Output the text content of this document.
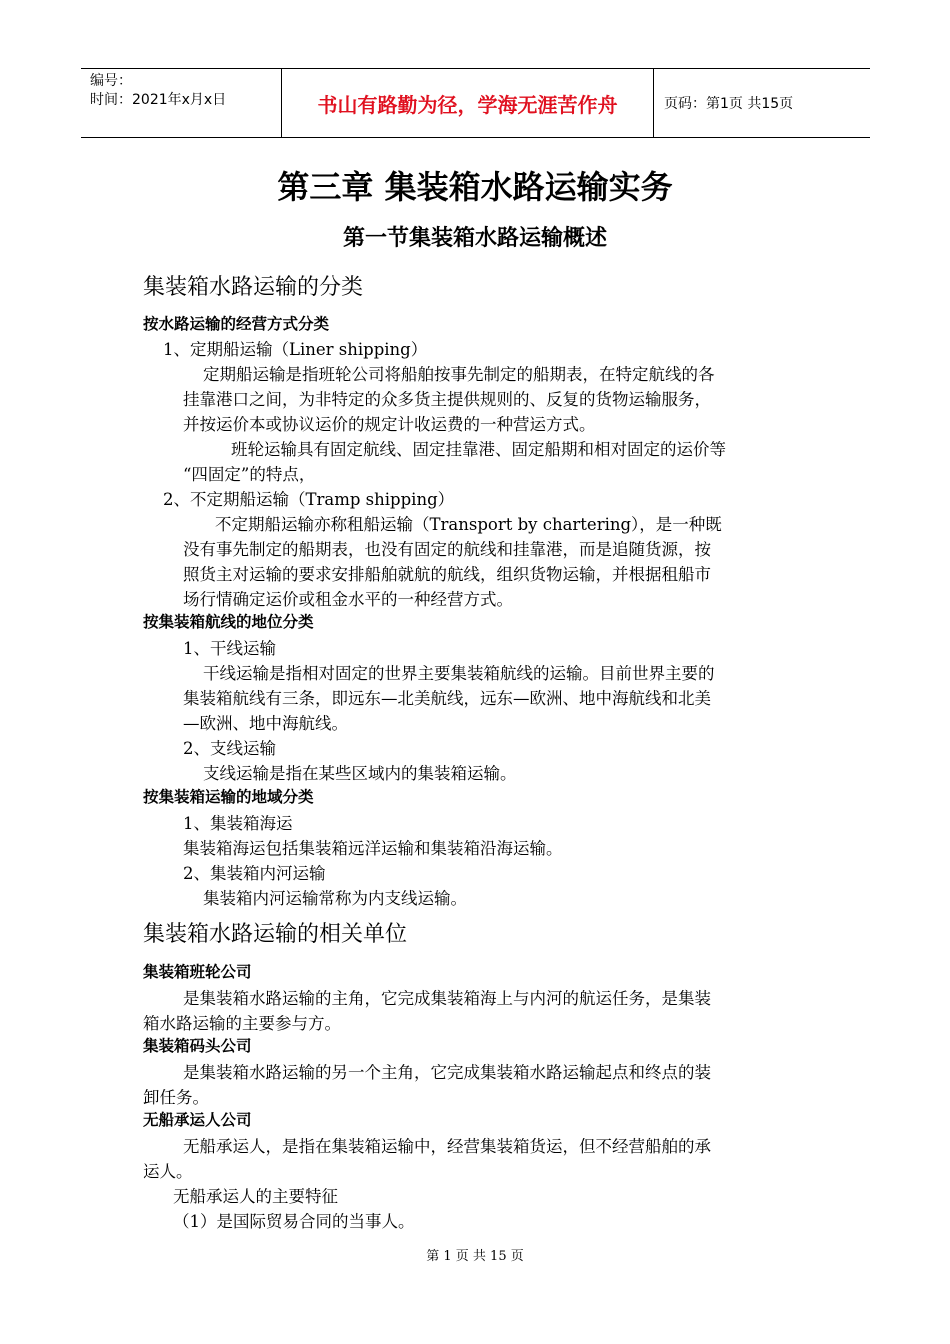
编号：
时间：2021年x月x日	书山有路勤为径，学海无涯苦作舟	页码：第1页 共15页
第三章 集装箱水路运输实务
第一节集装箱水路运输概述
集装箱水路运输的分类
按水路运输的经营方式分类
1、定期船运输（Liner shipping）
定期船运输是指班轮公司将船舶按事先制定的船期表，在特定航线的各
挂靠港口之间，为非特定的众多货主提供规则的、反复的货物运输服务，
并按运价本或协议运价的规定计收运费的一种营运方式。
班轮运输具有固定航线、固定挂靠港、固定船期和相对固定的运价等
“四固定”的特点，
2、不定期船运输（Tramp shipping）
不定期船运输亦称租船运输（Transport by chartering），是一种既
没有事先制定的船期表，也没有固定的航线和挂靠港，而是追随货源，按
照货主对运输的要求安排船舶就航的航线，组织货物运输，并根据租船市
场行情确定运价或租金水平的一种经营方式。
按集装箱航线的地位分类
1、干线运输
干线运输是指相对固定的世界主要集装箱航线的运输。目前世界主要的
集装箱航线有三条，即远东—北美航线，远东—欧洲、地中海航线和北美
—欧洲、地中海航线。
2、支线运输
支线运输是指在某些区域内的集装箱运输。
按集装箱运输的地域分类
1、集装箱海运
集装箱海运包括集装箱远洋运输和集装箱沿海运输。
2、集装箱内河运输
集装箱内河运输常称为内支线运输。
集装箱水路运输的相关单位
集装箱班轮公司
是集装箱水路运输的主角，它完成集装箱海上与内河的航运任务，是集装
箱水路运输的主要参与方。
集装箱码头公司
是集装箱水路运输的另一个主角，它完成集装箱水路运输起点和终点的装
卸任务。
无船承运人公司
无船承运人，是指在集装箱运输中，经营集装箱货运，但不经营船舶的承
运人。
无船承运人的主要特征
（1）是国际贸易合同的当事人。
第 1 页 共 15 页
